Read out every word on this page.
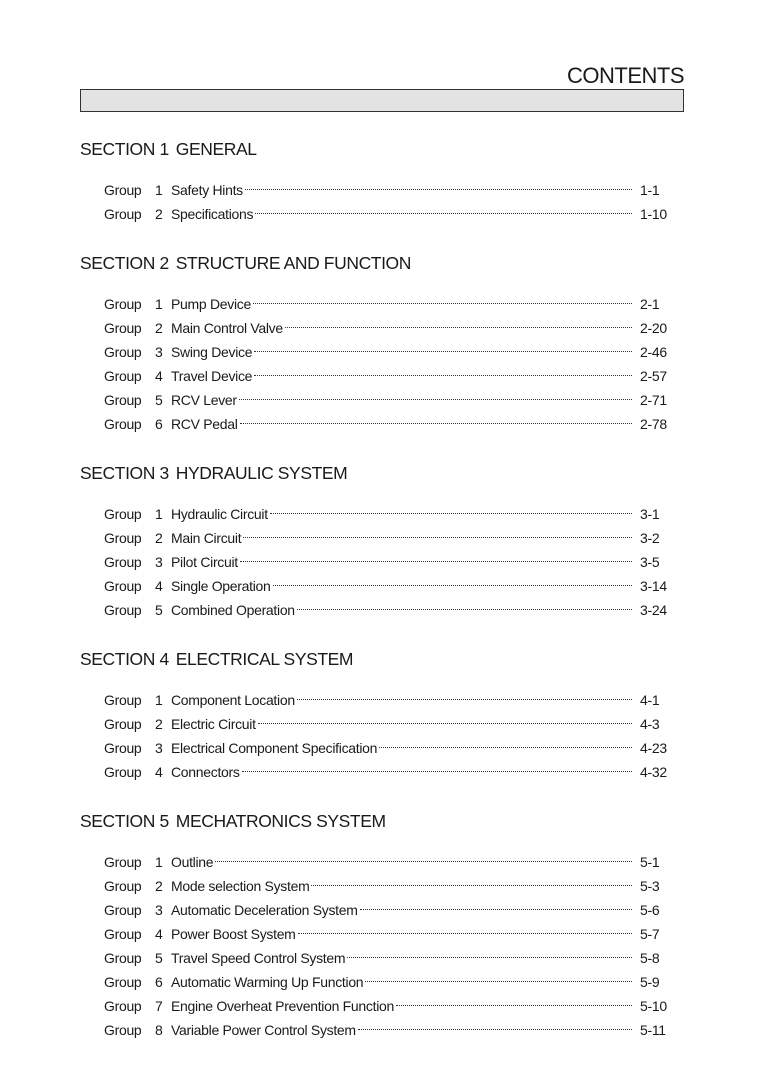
CONTENTS
SECTION 1 GENERAL
Group 1 Safety Hints	1-1
Group 2 Specifications	1-10
SECTION 2 STRUCTURE AND FUNCTION
Group 1 Pump Device	2-1
Group 2 Main Control Valve	2-20
Group 3 Swing Device	2-46
Group 4 Travel Device	2-57
Group 5 RCV Lever	2-71
Group 6 RCV Pedal	2-78
SECTION 3 HYDRAULIC SYSTEM
Group 1 Hydraulic Circuit	3-1
Group 2 Main Circuit	3-2
Group 3 Pilot Circuit	3-5
Group 4 Single Operation	3-14
Group 5 Combined Operation	3-24
SECTION 4 ELECTRICAL SYSTEM
Group 1 Component Location	4-1
Group 2 Electric Circuit	4-3
Group 3 Electrical Component Specification	4-23
Group 4 Connectors	4-32
SECTION 5 MECHATRONICS SYSTEM
Group 1 Outline	5-1
Group 2 Mode selection System	5-3
Group 3 Automatic Deceleration System	5-6
Group 4 Power Boost System	5-7
Group 5 Travel Speed Control System	5-8
Group 6 Automatic Warming Up Function	5-9
Group 7 Engine Overheat Prevention Function	5-10
Group 8 Variable Power Control System	5-11
